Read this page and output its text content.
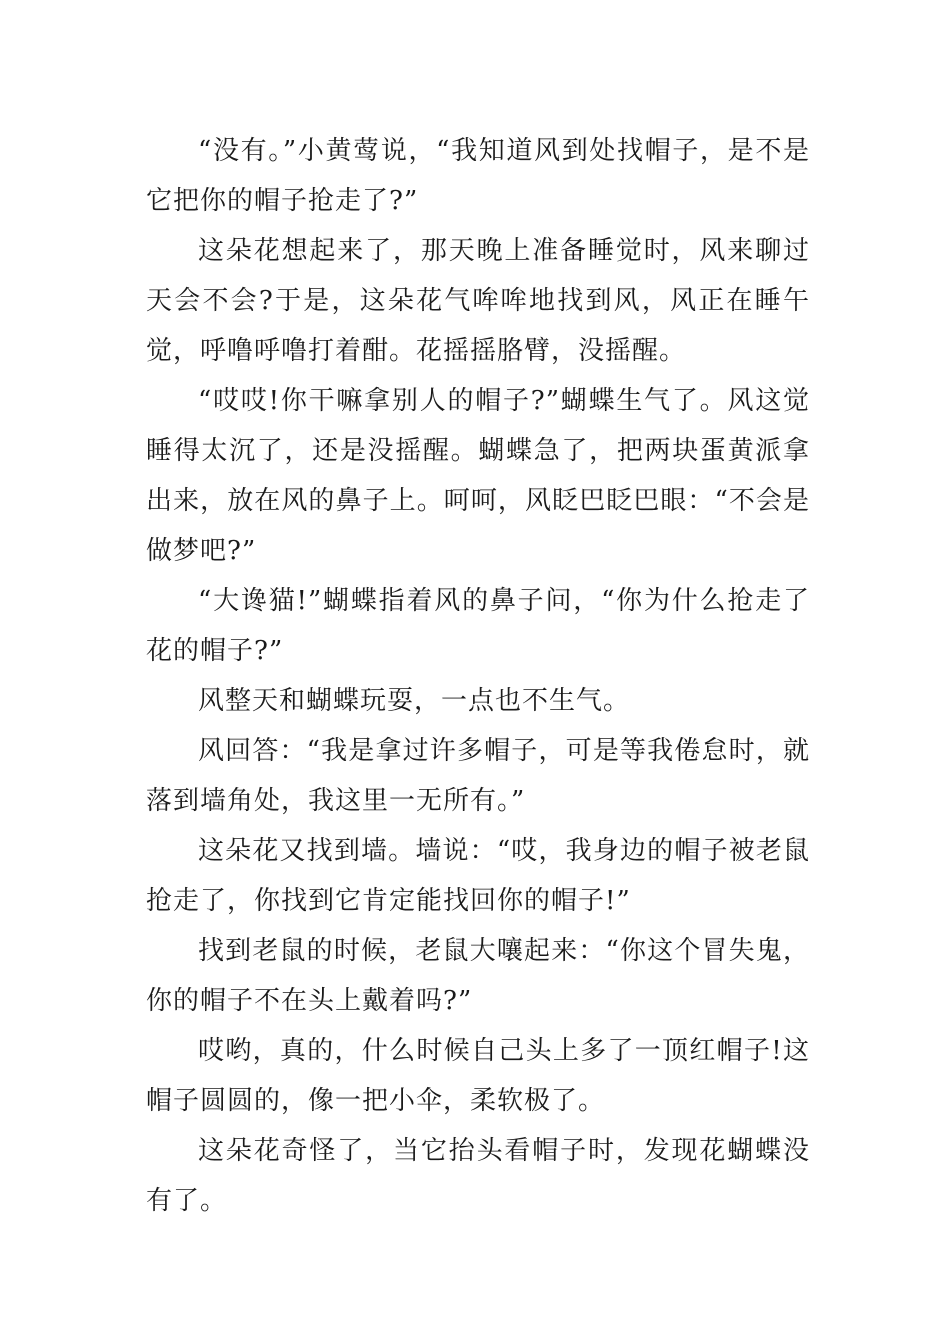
“没有。”小黄莺说，“我知道风到处找帽子，是不是它把你的帽子抢走了?”

这朵花想起来了，那天晚上准备睡觉时，风来聊过天会不会?于是，这朵花气哞哞地找到风，风正在睡午觉，呼噜呼噜打着酣。花摇摇胳臂，没摇醒。

“哎哎!你干嘛拿别人的帽子?”蝴蝶生气了。风这觉睡得太沉了，还是没摇醒。蝴蝶急了，把两块蛋黄派拿出来，放在风的鼻子上。呵呵，风眨巴眨巴眼：“不会是做梦吧?”

“大谗猫!”蝴蝶指着风的鼻子问，“你为什么抢走了花的帽子?”

风整天和蝴蝶玩耍，一点也不生气。

风回答：“我是拿过许多帽子，可是等我倦怠时，就落到墙角处，我这里一无所有。”

这朵花又找到墙。墙说：“哎，我身边的帽子被老鼠抢走了，你找到它肯定能找回你的帽子!”

找到老鼠的时候，老鼠大嚷起来：“你这个冒失鬼，你的帽子不在头上戴着吗?”

哎哟，真的，什么时候自己头上多了一顶红帽子!这帽子圆圆的，像一把小伞，柔软极了。

这朵花奇怪了，当它抬头看帽子时，发现花蝴蝶没有了。
